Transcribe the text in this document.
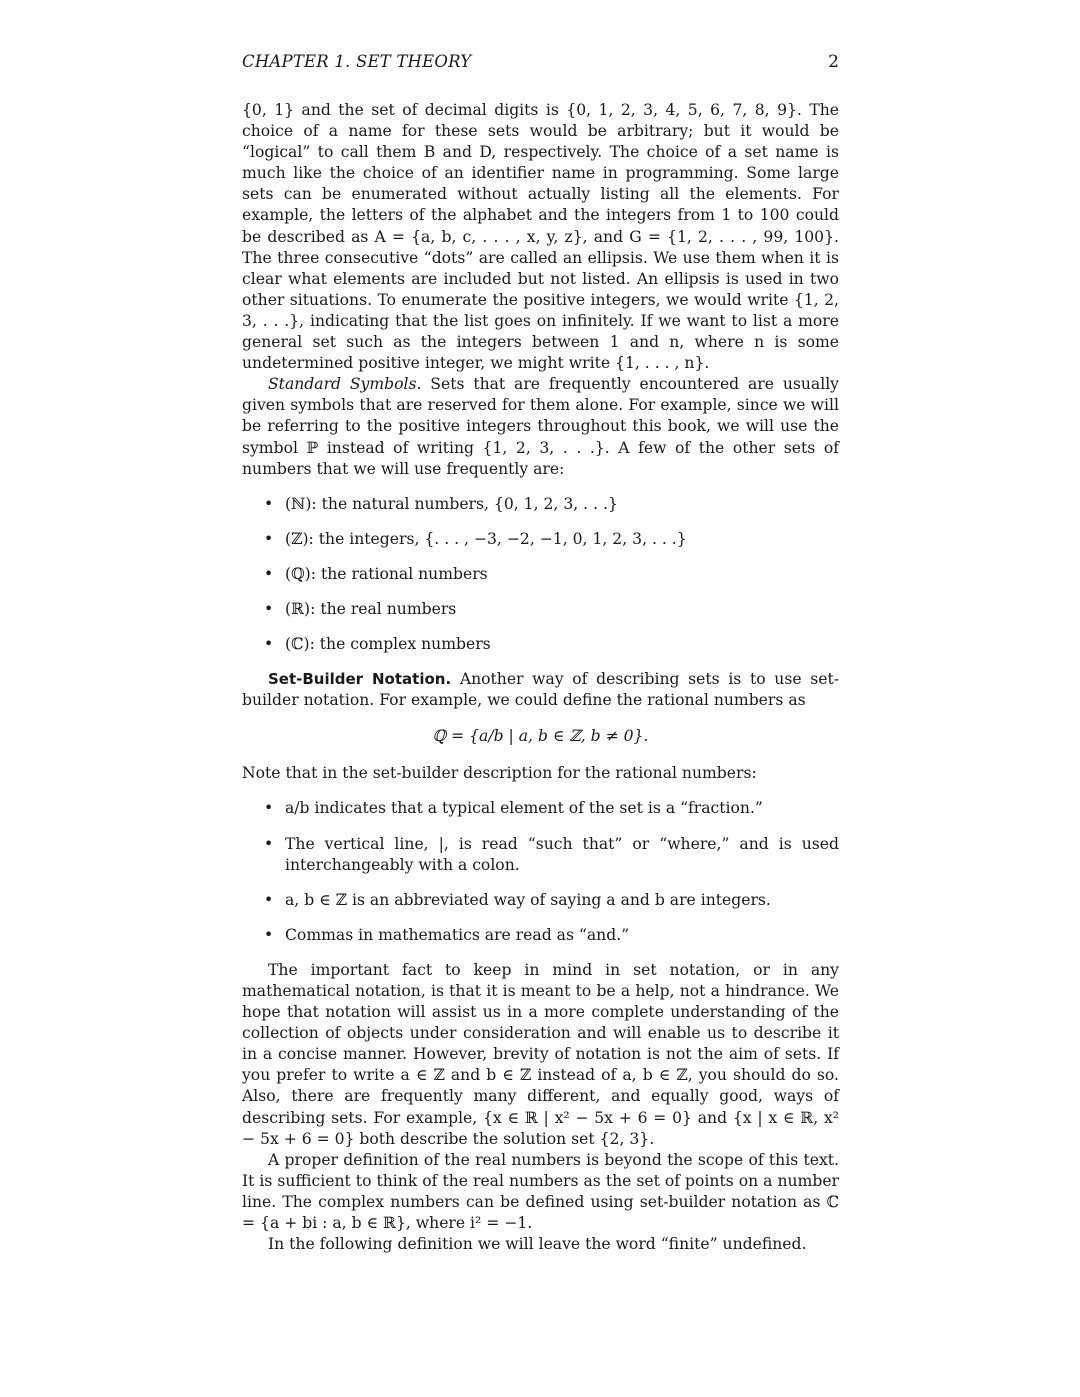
CHAPTER 1. SET THEORY	2

{0, 1} and the set of decimal digits is {0, 1, 2, 3, 4, 5, 6, 7, 8, 9}. The choice of a name for these sets would be arbitrary; but it would be “logical” to call them B and D, respectively. The choice of a set name is much like the choice of an identifier name in programming. Some large sets can be enumerated without actually listing all the elements. For example, the letters of the alphabet and the integers from 1 to 100 could be described as A = {a, b, c, . . . , x, y, z}, and G = {1, 2, . . . , 99, 100}. The three consecutive “dots” are called an ellipsis. We use them when it is clear what elements are included but not listed. An ellipsis is used in two other situations. To enumerate the positive integers, we would write {1, 2, 3, . . .}, indicating that the list goes on infinitely. If we want to list a more general set such as the integers between 1 and n, where n is some undetermined positive integer, we might write {1, . . . , n}.

Standard Symbols. Sets that are frequently encountered are usually given symbols that are reserved for them alone. For example, since we will be referring to the positive integers throughout this book, we will use the symbol ℙ instead of writing {1, 2, 3, . . .}. A few of the other sets of numbers that we will use frequently are:

• (ℕ): the natural numbers, {0, 1, 2, 3, . . .}
• (ℤ): the integers, {. . . , −3, −2, −1, 0, 1, 2, 3, . . .}
• (ℚ): the rational numbers
• (ℝ): the real numbers
• (ℂ): the complex numbers

Set-Builder Notation. Another way of describing sets is to use set-builder notation. For example, we could define the rational numbers as

ℚ = {a/b | a, b ∈ ℤ, b ≠ 0}.

Note that in the set-builder description for the rational numbers:

• a/b indicates that a typical element of the set is a “fraction.”
• The vertical line, |, is read “such that” or “where,” and is used interchangeably with a colon.
• a, b ∈ ℤ is an abbreviated way of saying a and b are integers.
• Commas in mathematics are read as “and.”

The important fact to keep in mind in set notation, or in any mathematical notation, is that it is meant to be a help, not a hindrance. We hope that notation will assist us in a more complete understanding of the collection of objects under consideration and will enable us to describe it in a concise manner. However, brevity of notation is not the aim of sets. If you prefer to write a ∈ ℤ and b ∈ ℤ instead of a, b ∈ ℤ, you should do so. Also, there are frequently many different, and equally good, ways of describing sets. For example, {x ∈ ℝ | x² − 5x + 6 = 0} and {x | x ∈ ℝ, x² − 5x + 6 = 0} both describe the solution set {2, 3}.

A proper definition of the real numbers is beyond the scope of this text. It is sufficient to think of the real numbers as the set of points on a number line. The complex numbers can be defined using set-builder notation as ℂ = {a + bi : a, b ∈ ℝ}, where i² = −1.

In the following definition we will leave the word “finite” undefined.
